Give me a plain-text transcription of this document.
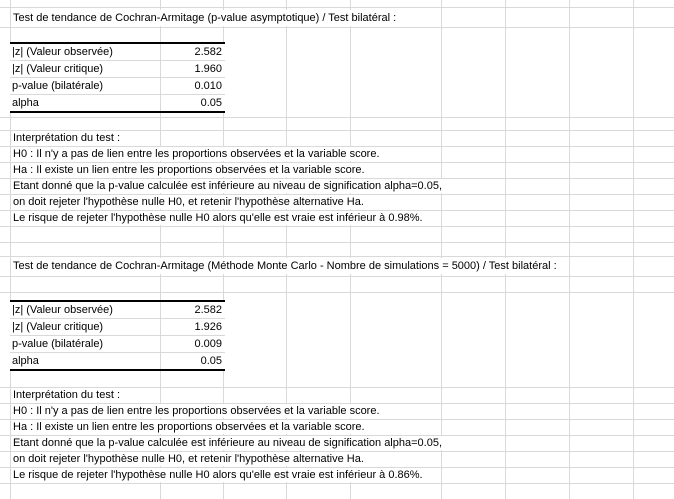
Test de tendance de Cochran-Armitage (p-value asymptotique) / Test bilatéral :
|z| (Valeur observée)	2.582
|z| (Valeur critique)	1.960
p-value (bilatérale)	0.010
alpha	0.05
Interprétation du test :
H0 : Il n'y a pas de lien entre les proportions observées et la variable score.
Ha : Il existe un lien entre les proportions observées et la variable score.
Etant donné que la p-value calculée est inférieure au niveau de signification alpha=0.05,
on doit rejeter l'hypothèse nulle H0, et retenir l'hypothèse alternative Ha.
Le risque de rejeter l'hypothèse nulle H0 alors qu'elle est vraie est inférieur à 0.98%.
Test de tendance de Cochran-Armitage (Méthode Monte Carlo - Nombre de simulations = 5000) / Test bilatéral :
|z| (Valeur observée)	2.582
|z| (Valeur critique)	1.926
p-value (bilatérale)	0.009
alpha	0.05
Interprétation du test :
H0 : Il n'y a pas de lien entre les proportions observées et la variable score.
Ha : Il existe un lien entre les proportions observées et la variable score.
Etant donné que la p-value calculée est inférieure au niveau de signification alpha=0.05,
on doit rejeter l'hypothèse nulle H0, et retenir l'hypothèse alternative Ha.
Le risque de rejeter l'hypothèse nulle H0 alors qu'elle est vraie est inférieur à 0.86%.
